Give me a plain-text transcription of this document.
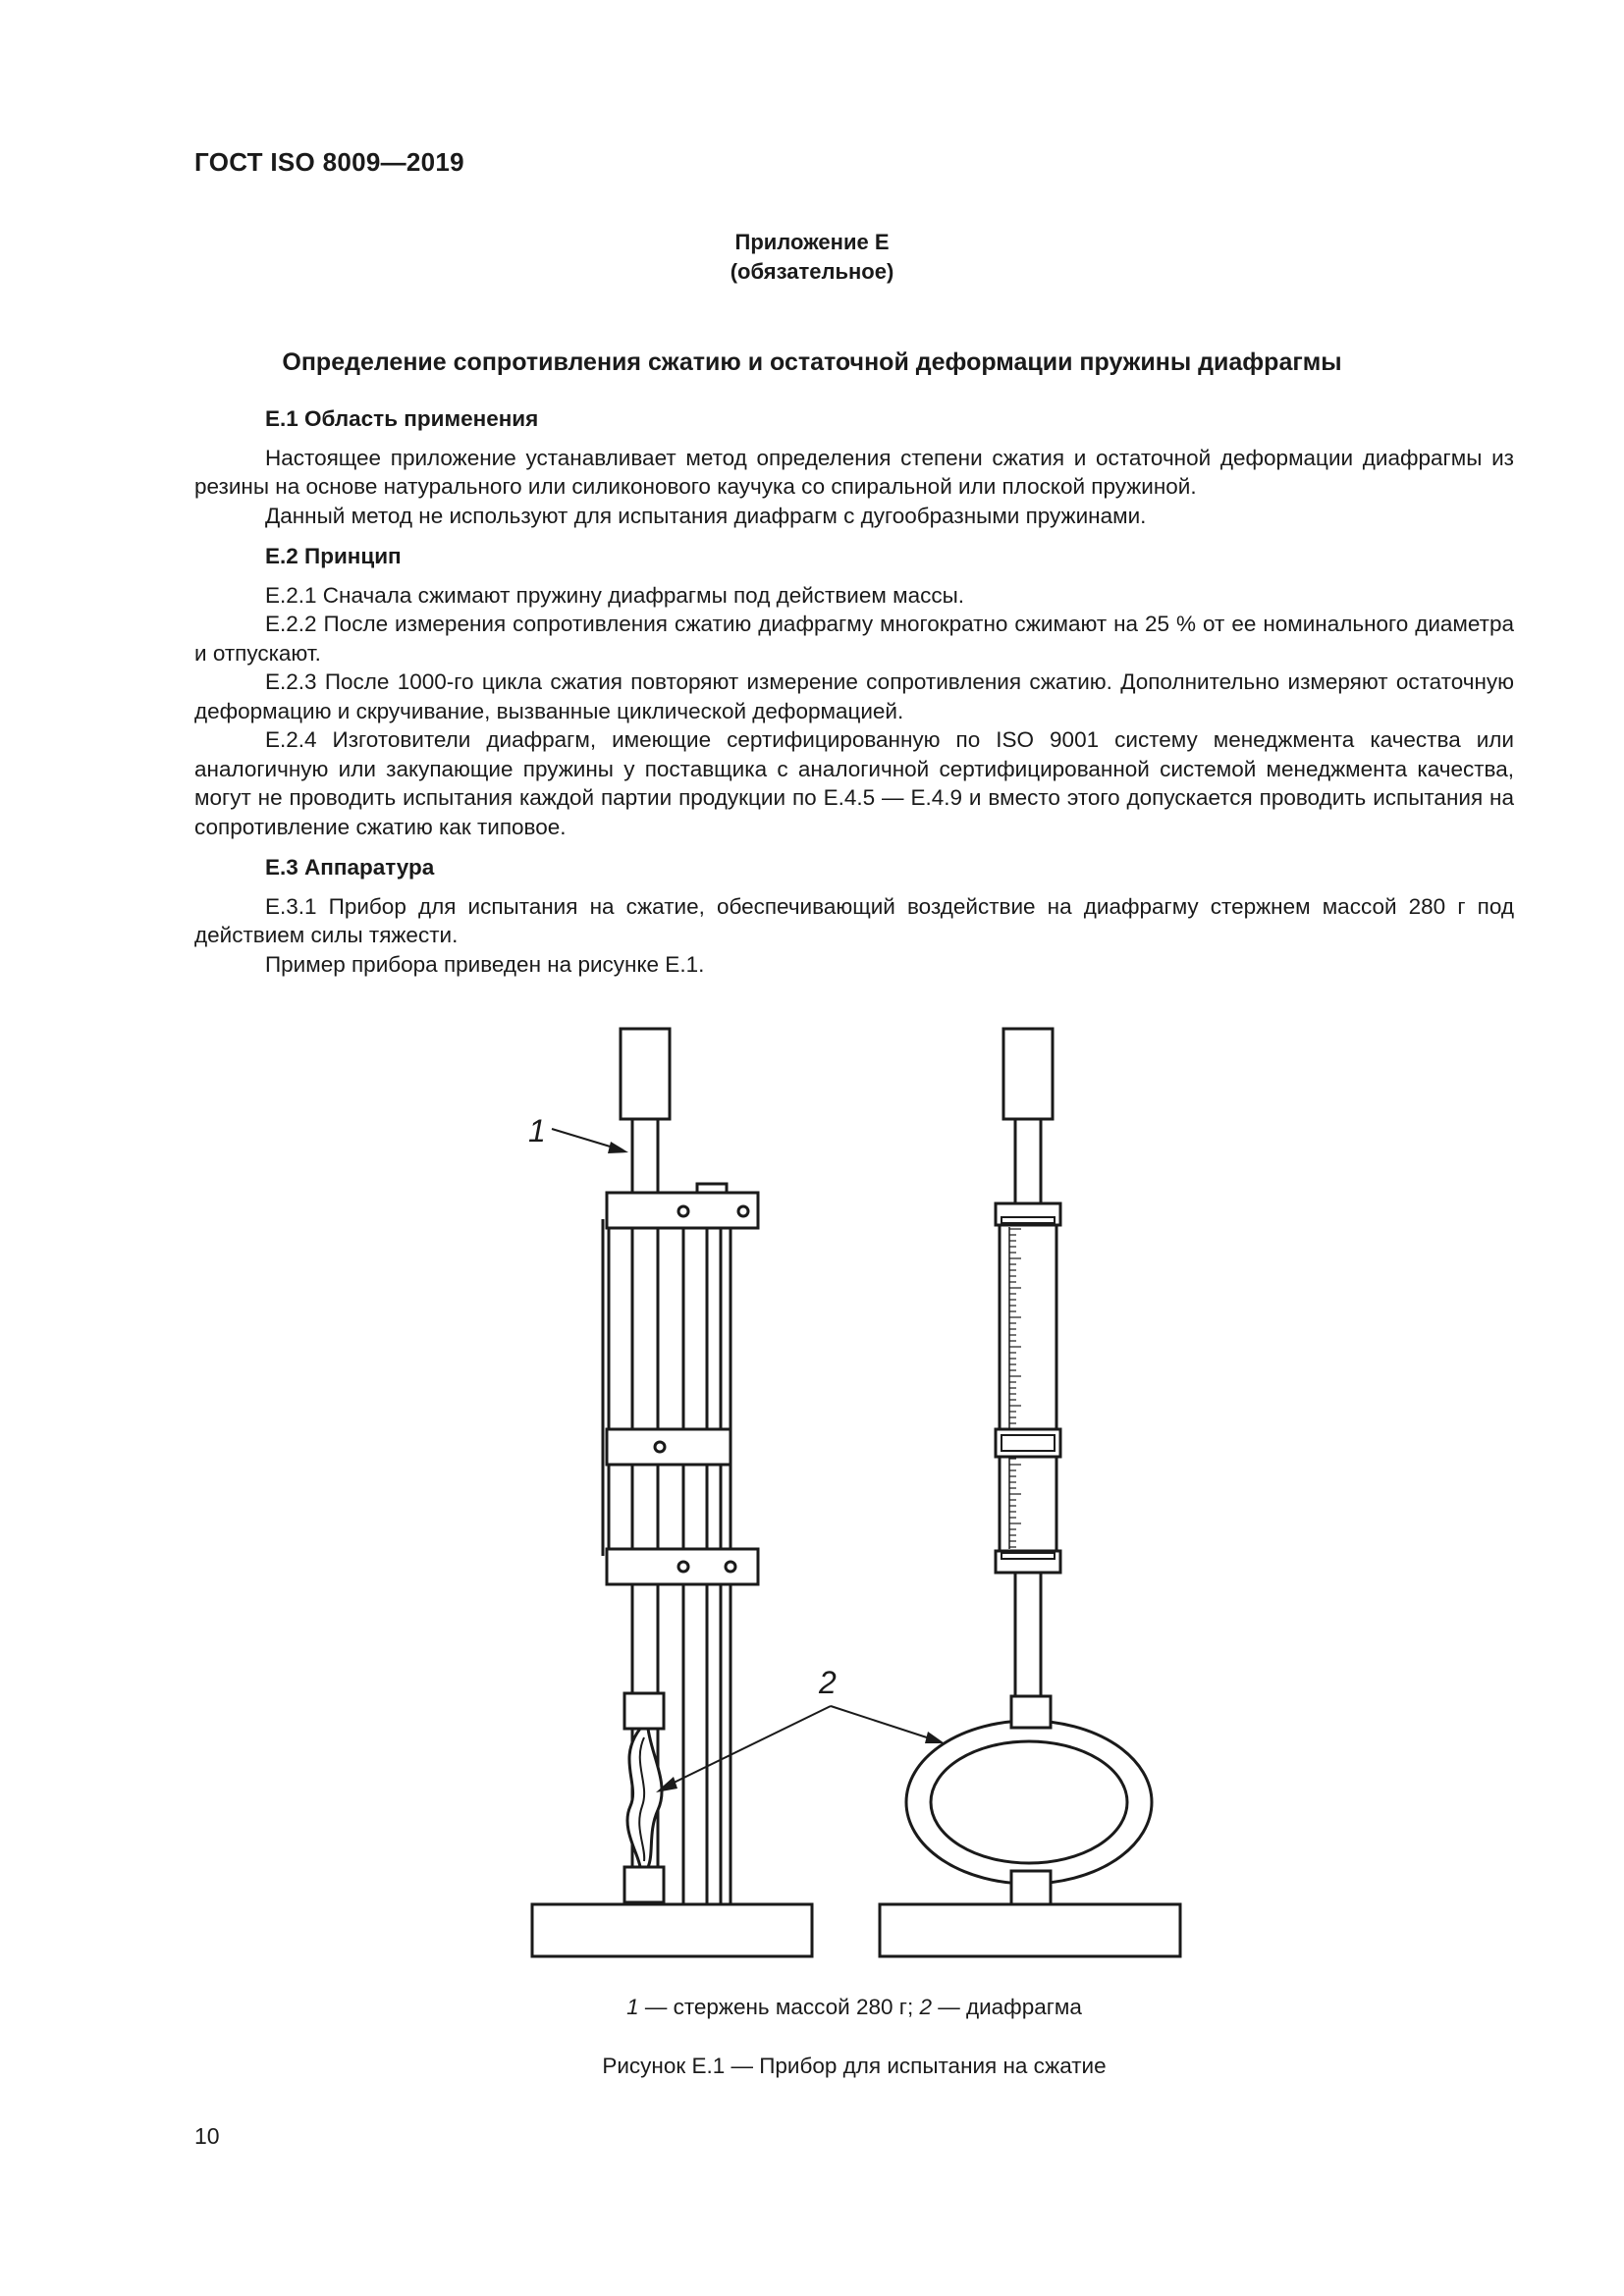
ГОСТ ISO 8009—2019
Приложение Е
(обязательное)
Определение сопротивления сжатию и остаточной деформации пружины диафрагмы
Е.1 Область применения

Настоящее приложение устанавливает метод определения степени сжатия и остаточной деформации диафрагмы из резины на основе натурального или силиконового каучука со спиральной или плоской пружиной.

Данный метод не используют для испытания диафрагм с дугообразными пружинами.

Е.2 Принцип

Е.2.1 Сначала сжимают пружину диафрагмы под действием массы.

Е.2.2 После измерения сопротивления сжатию диафрагму многократно сжимают на 25 % от ее номинального диаметра и отпускают.

Е.2.3 После 1000-го цикла сжатия повторяют измерение сопротивления сжатию. Дополнительно измеряют остаточную деформацию и скручивание, вызванные циклической деформацией.

Е.2.4 Изготовители диафрагм, имеющие сертифицированную по ISO 9001 систему менеджмента качества или аналогичную или закупающие пружины у поставщика с аналогичной сертифицированной системой менеджмента качества, могут не проводить испытания каждой партии продукции по Е.4.5 — Е.4.9 и вместо этого допускается проводить испытания на сопротивление сжатию как типовое.

Е.3 Аппаратура

Е.3.1 Прибор для испытания на сжатие, обеспечивающий воздействие на диафрагму стержнем массой 280 г под действием силы тяжести.

Пример прибора приведен на рисунке Е.1.

1
2
1 — стержень массой 280 г; 2 — диафрагма
Рисунок Е.1 — Прибор для испытания на сжатие
10
